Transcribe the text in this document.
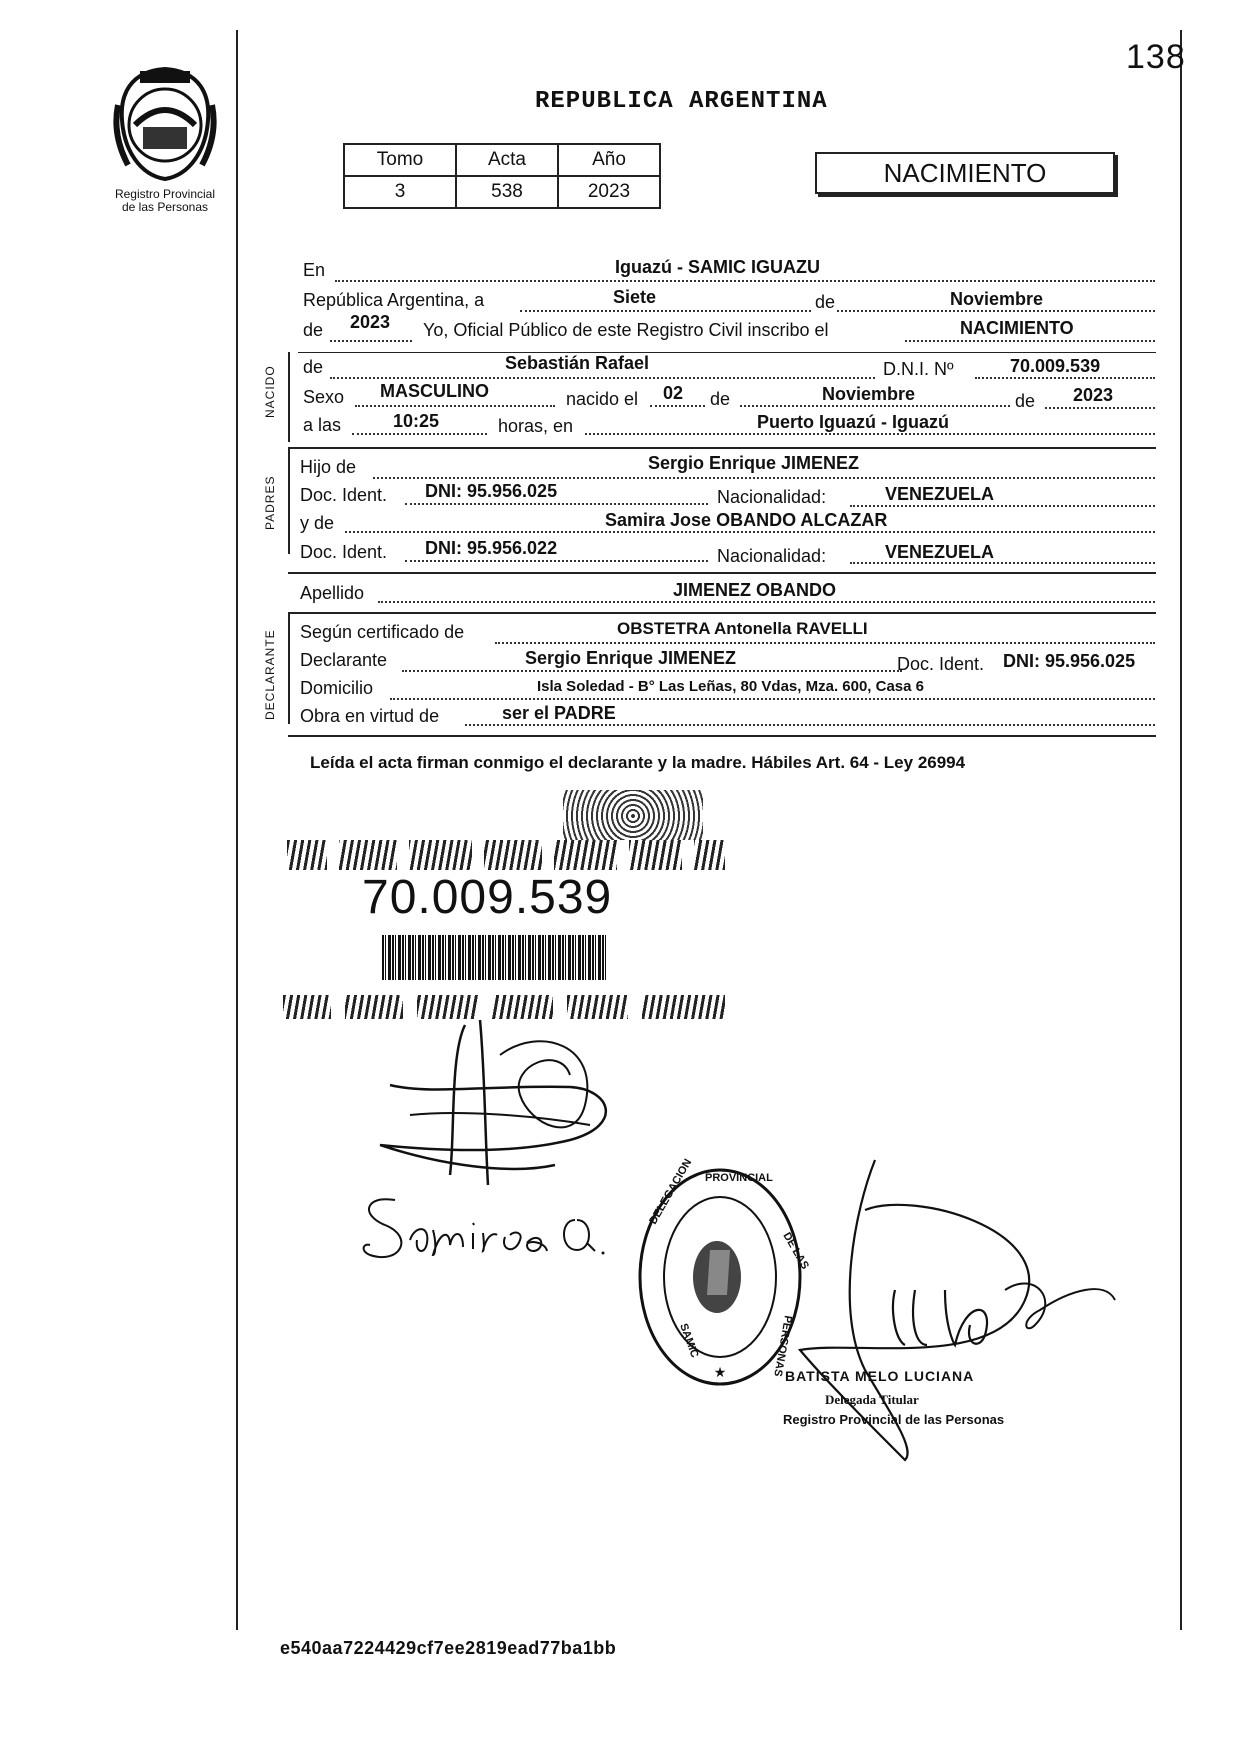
138
Registro Provincial
de las Personas
REPUBLICA ARGENTINA
Tomo	Acta	Año
3	538	2023
NACIMIENTO
En	Iguazú - SAMIC IGUAZU
República Argentina, a	Siete	de	Noviembre
de 2023 Yo, Oficial Público de este Registro Civil inscribo el	NACIMIENTO
NACIDO de	Sebastián Rafael	D.N.I. Nº	70.009.539
Sexo MASCULINO	nacido el 02 de	Noviembre	de 2023
a las	10:25	horas, en	Puerto Iguazú - Iguazú
PADRES
Hijo de	Sergio Enrique JIMENEZ
Doc. Ident. DNI: 95.956.025	Nacionalidad:	VENEZUELA
y de	Samira Jose OBANDO ALCAZAR
Doc. Ident. DNI: 95.956.022	Nacionalidad:	VENEZUELA
Apellido	JIMENEZ OBANDO
DECLARANTE Según certificado de	OBSTETRA Antonella RAVELLI
Declarante	Sergio Enrique JIMENEZ	Doc. Ident. DNI: 95.956.025
Domicilio	Isla Soledad - B° Las Leñas, 80 Vdas, Mza. 600, Casa 6
Obra en virtud de	ser el PADRE
Leída el acta firman conmigo el declarante y la madre. Hábiles Art. 64 - Ley 26994
70.009.539
★
DELEGACION PROVINCIAL
DE LAS
PERSONAS
SAMIC
BATISTA MELO LUCIANA
Delegada Titular
Registro Provincial de las Personas
e540aa7224429cf7ee2819ead77ba1bb
